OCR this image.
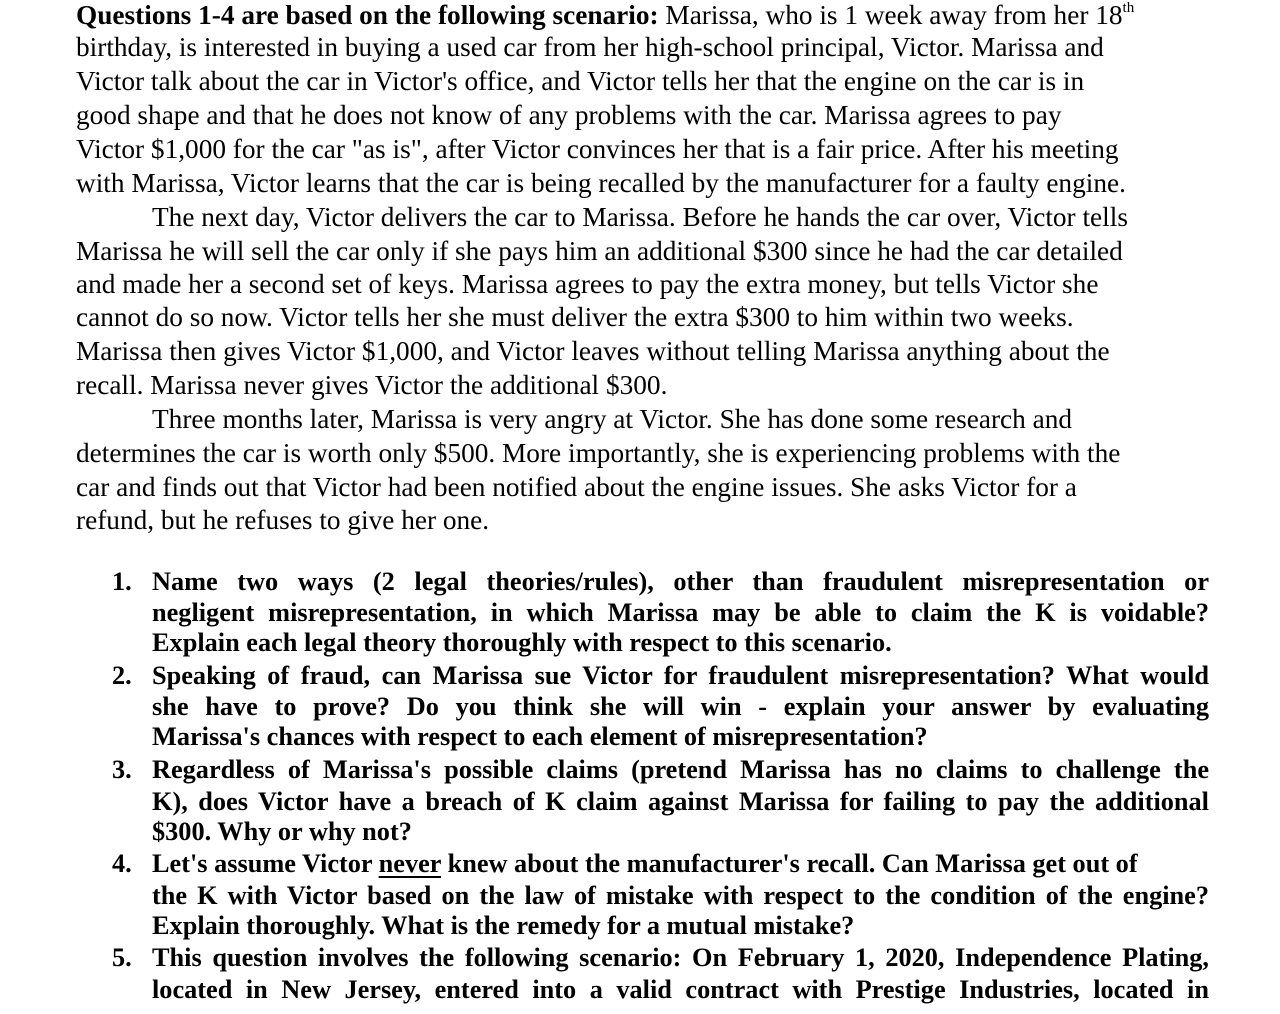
Questions 1-4 are based on the following scenario: Marissa, who is 1 week away from her 18th
birthday, is interested in buying a used car from her high-school principal, Victor. Marissa and
Victor talk about the car in Victor's office, and Victor tells her that the engine on the car is in
good shape and that he does not know of any problems with the car. Marissa agrees to pay
Victor $1,000 for the car "as is", after Victor convinces her that is a fair price. After his meeting
with Marissa, Victor learns that the car is being recalled by the manufacturer for a faulty engine.
The next day, Victor delivers the car to Marissa. Before he hands the car over, Victor tells
Marissa he will sell the car only if she pays him an additional $300 since he had the car detailed
and made her a second set of keys. Marissa agrees to pay the extra money, but tells Victor she
cannot do so now. Victor tells her she must deliver the extra $300 to him within two weeks.
Marissa then gives Victor $1,000, and Victor leaves without telling Marissa anything about the
recall. Marissa never gives Victor the additional $300.
Three months later, Marissa is very angry at Victor. She has done some research and
determines the car is worth only $500. More importantly, she is experiencing problems with the
car and finds out that Victor had been notified about the engine issues. She asks Victor for a
refund, but he refuses to give her one.
1. Name two ways (2 legal theories/rules), other than fraudulent misrepresentation or
negligent misrepresentation, in which Marissa may be able to claim the K is voidable?
Explain each legal theory thoroughly with respect to this scenario.
2. Speaking of fraud, can Marissa sue Victor for fraudulent misrepresentation? What would
she have to prove? Do you think she will win - explain your answer by evaluating
Marissa's chances with respect to each element of misrepresentation?
3. Regardless of Marissa's possible claims (pretend Marissa has no claims to challenge the
K), does Victor have a breach of K claim against Marissa for failing to pay the additional
$300. Why or why not?
4. Let's assume Victor never knew about the manufacturer's recall. Can Marissa get out of
the K with Victor based on the law of mistake with respect to the condition of the engine?
Explain thoroughly. What is the remedy for a mutual mistake?
5. This question involves the following scenario: On February 1, 2020, Independence Plating,
located in New Jersey, entered into a valid contract with Prestige Industries, located in
